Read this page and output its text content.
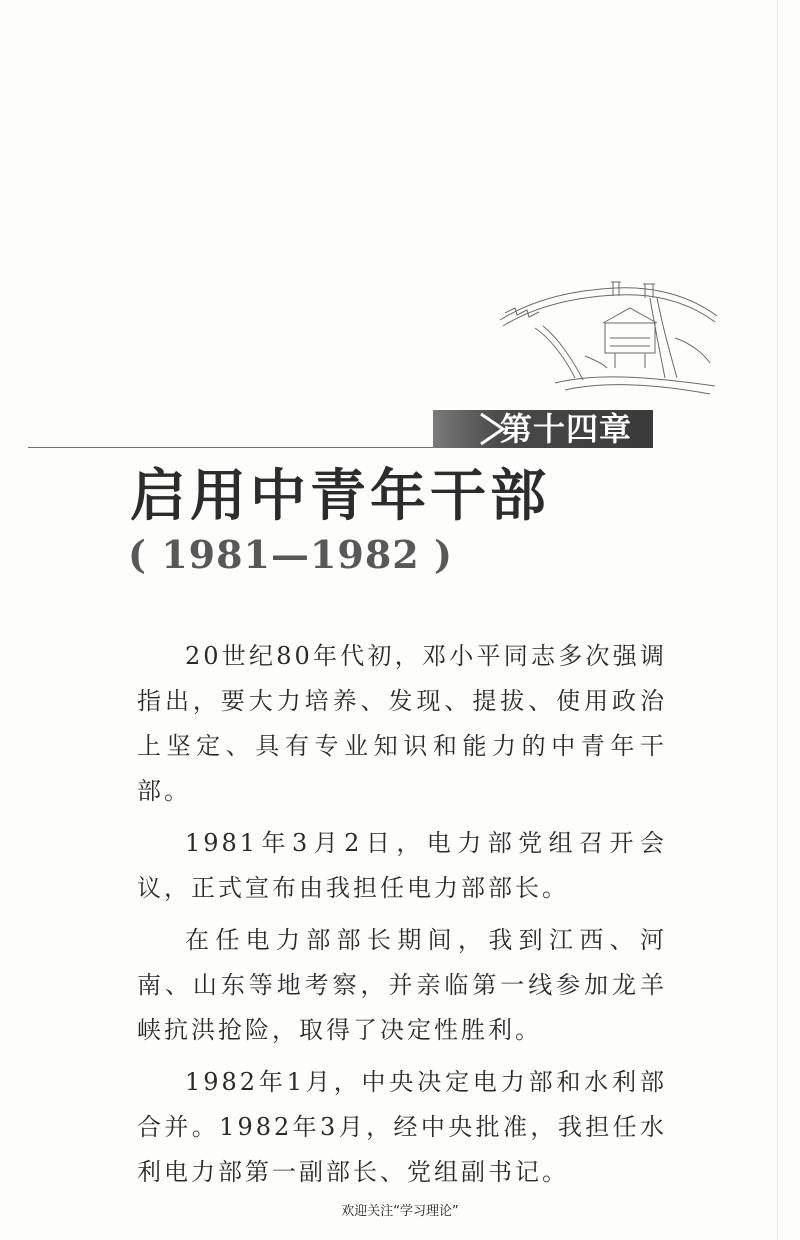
第十四章
启用中青年干部
( 1981—1982 )

20世纪80年代初，邓小平同志多次强调指出，要大力培养、发现、提拔、使用政治上坚定、具有专业知识和能力的中青年干部。

1981年3月2日，电力部党组召开会议，正式宣布由我担任电力部部长。

在任电力部部长期间，我到江西、河南、山东等地考察，并亲临第一线参加龙羊峡抗洪抢险，取得了决定性胜利。

1982年1月，中央决定电力部和水利部合并。1982年3月，经中央批准，我担任水利电力部第一副部长、党组副书记。

欢迎关注“学习理论”
